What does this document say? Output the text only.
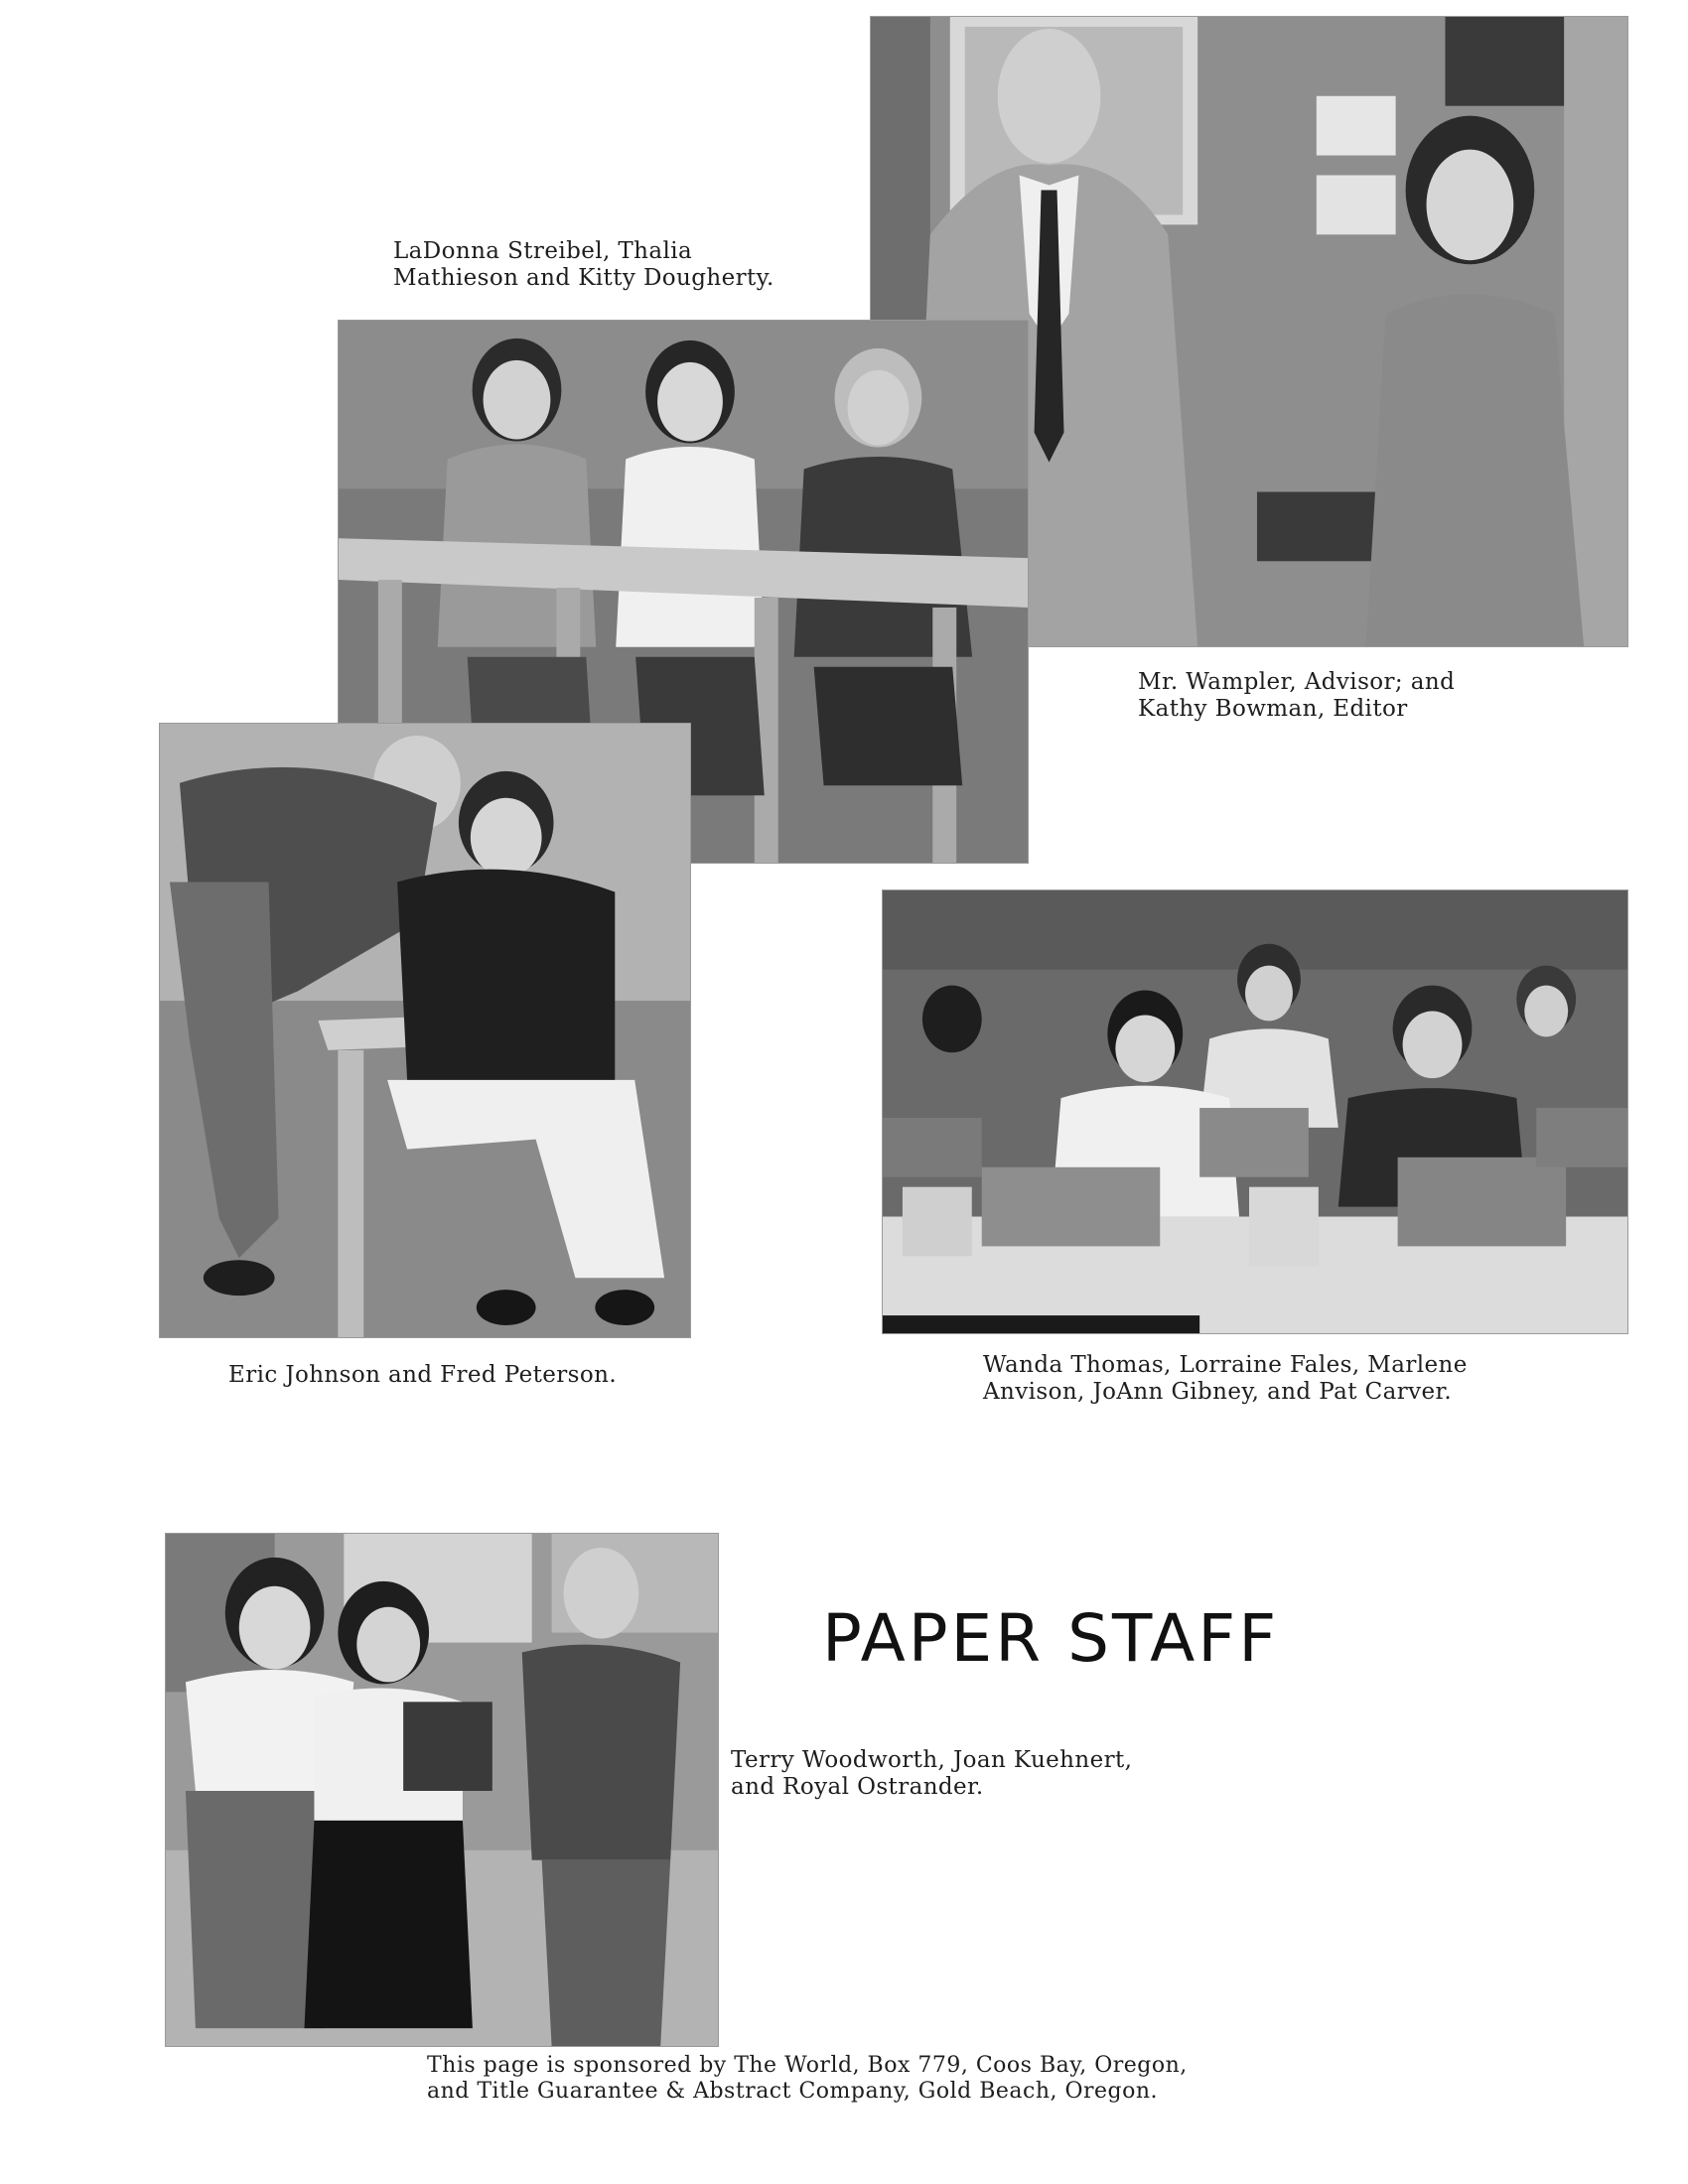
LaDonna Streibel, Thalia
Mathieson and Kitty Dougherty.
Mr. Wampler, Advisor; and
Kathy Bowman, Editor
Eric Johnson and Fred Peterson.	Wanda Thomas, Lorraine Fales, Marlene
Anvison, JoAnn Gibney, and Pat Carver.
PAPER STAFF
Terry Woodworth, Joan Kuehnert,
and Royal Ostrander.
This page is sponsored by The World, Box 779, Coos Bay, Oregon,
and Title Guarantee & Abstract Company, Gold Beach, Oregon.
